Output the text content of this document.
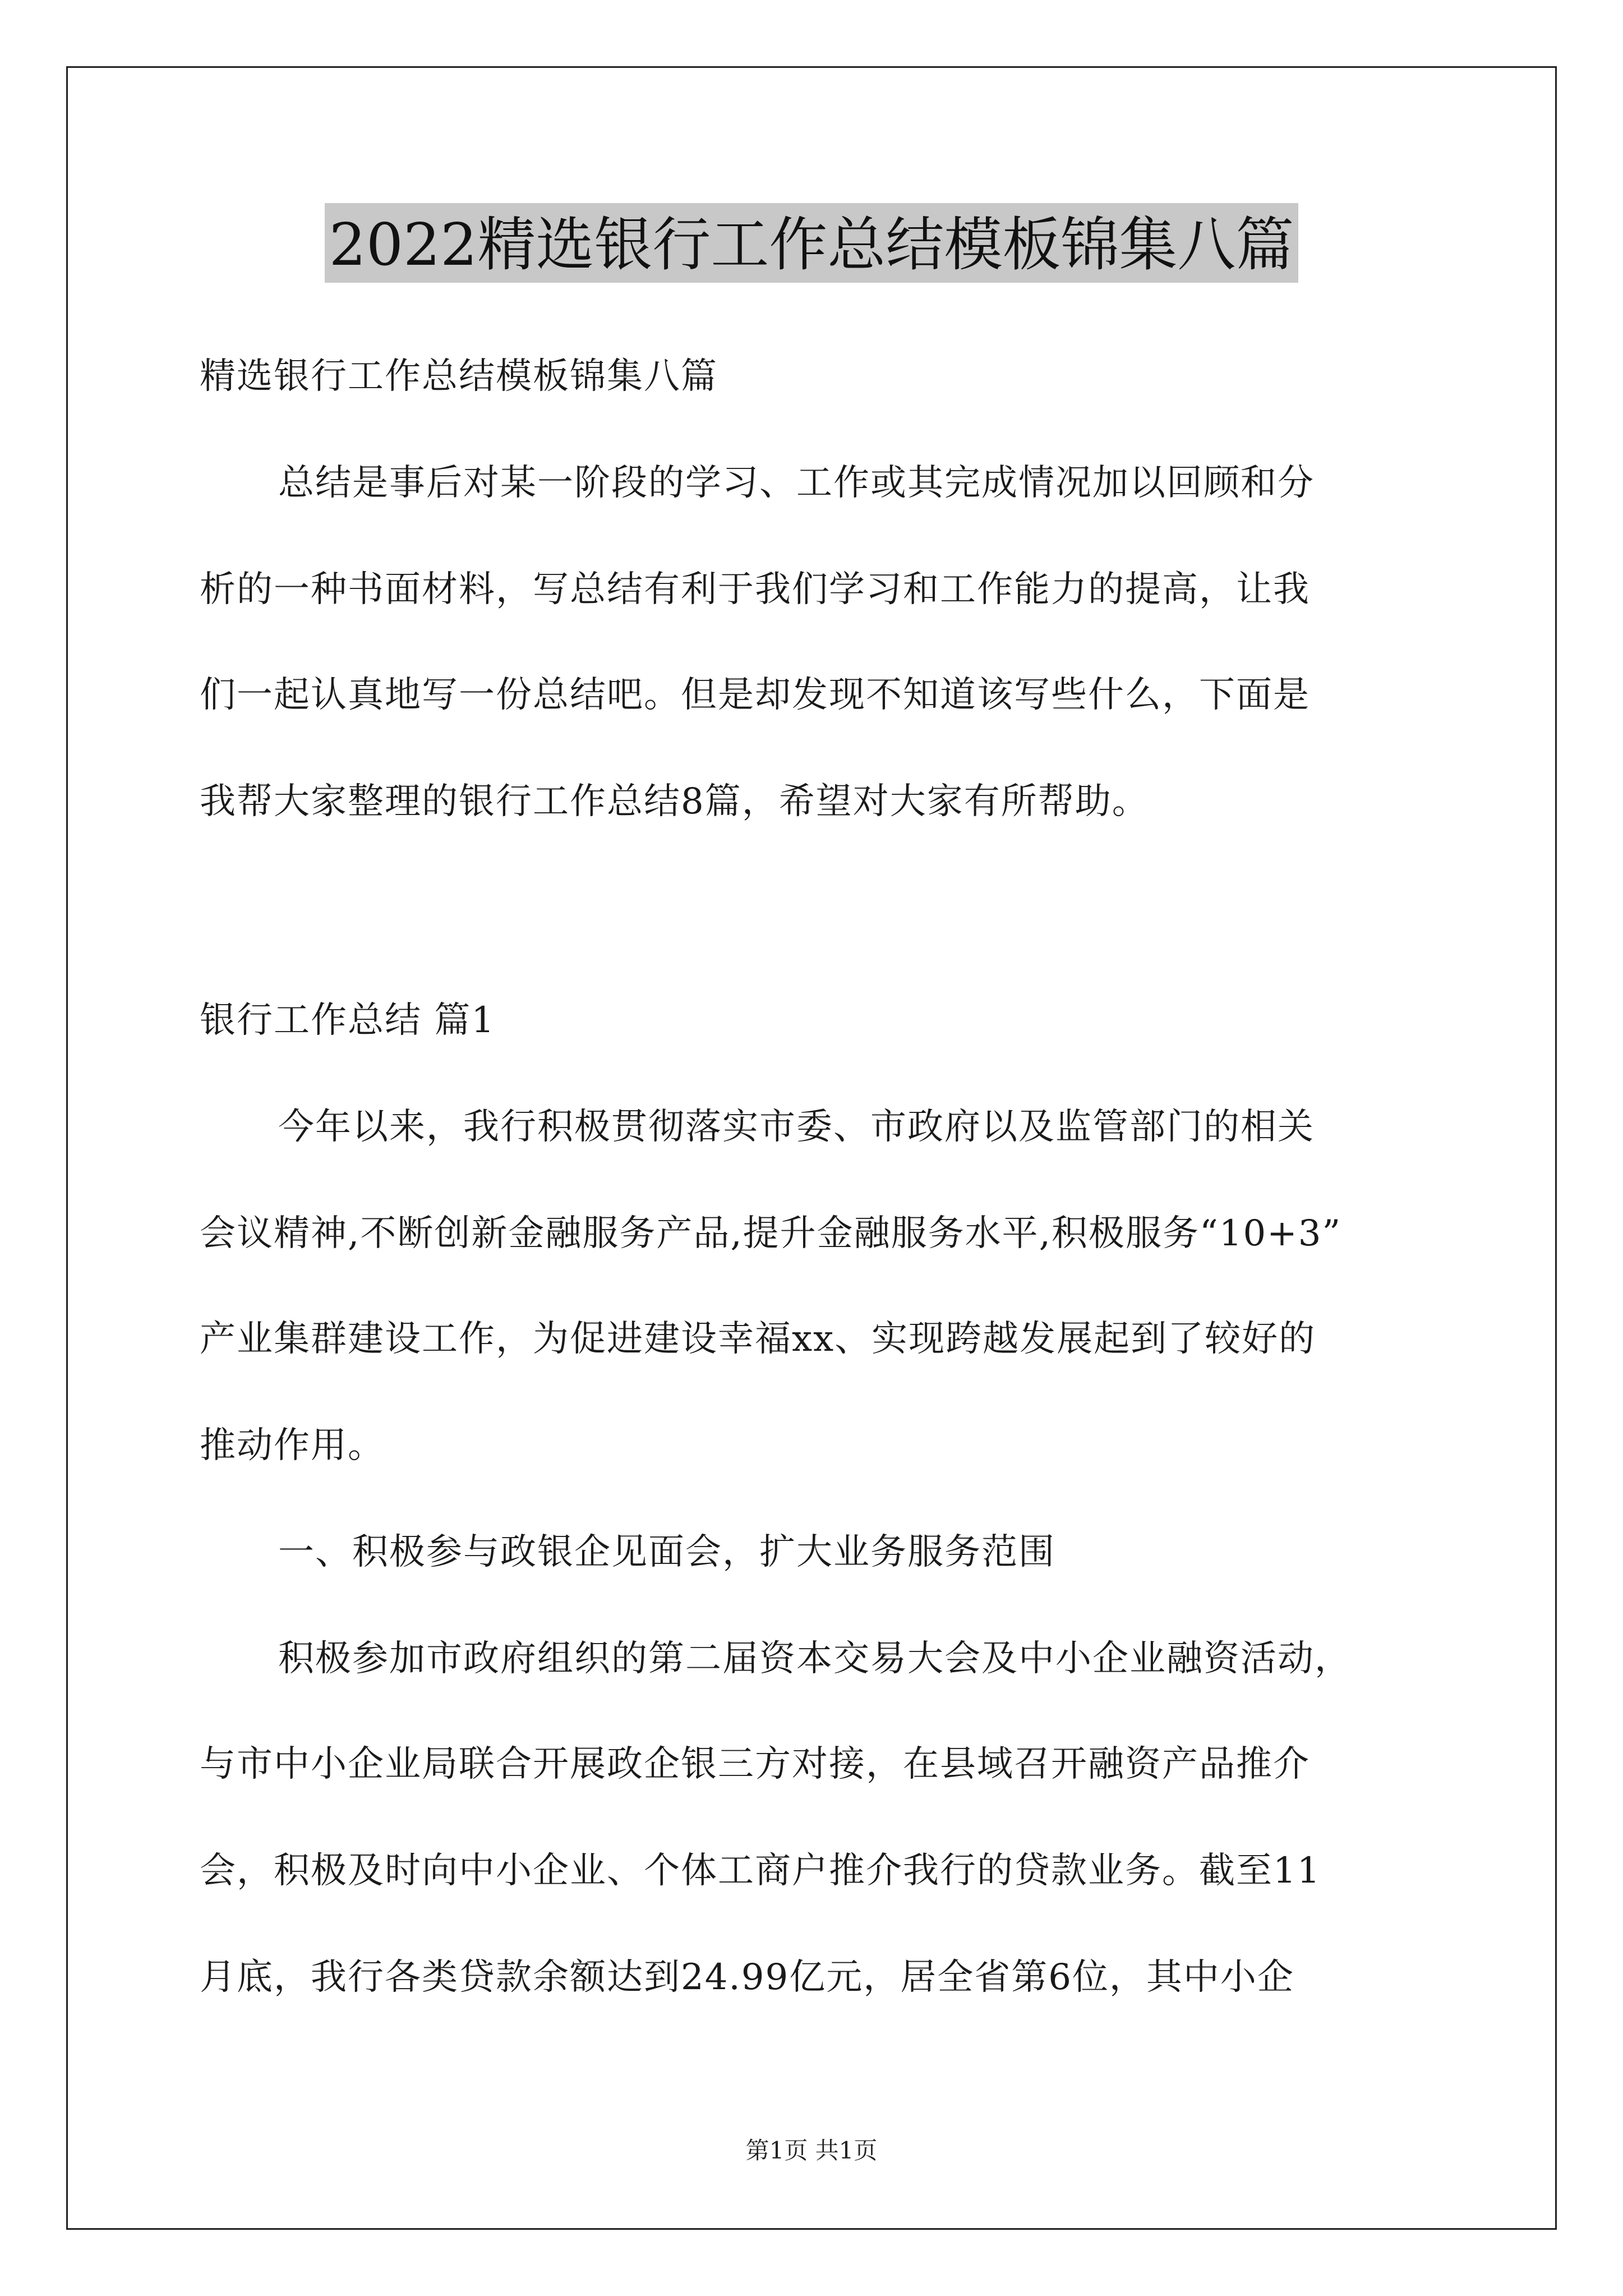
2022精选银行工作总结模板锦集八篇
精选银行工作总结模板锦集八篇
总结是事后对某一阶段的学习、工作或其完成情况加以回顾和分
析的一种书面材料，写总结有利于我们学习和工作能力的提高，让我
们一起认真地写一份总结吧。但是却发现不知道该写些什么，下面是
我帮大家整理的银行工作总结8篇，希望对大家有所帮助。
银行工作总结 篇1
今年以来，我行积极贯彻落实市委、市政府以及监管部门的相关
会议精神,不断创新金融服务产品,提升金融服务水平,积极服务“10+3”
产业集群建设工作，为促进建设幸福xx、实现跨越发展起到了较好的
推动作用。
一、积极参与政银企见面会，扩大业务服务范围
积极参加市政府组织的第二届资本交易大会及中小企业融资活动，
与市中小企业局联合开展政企银三方对接，在县域召开融资产品推介
会，积极及时向中小企业、个体工商户推介我行的贷款业务。截至11
月底，我行各类贷款余额达到24.99亿元，居全省第6位，其中小企
第1页 共1页
